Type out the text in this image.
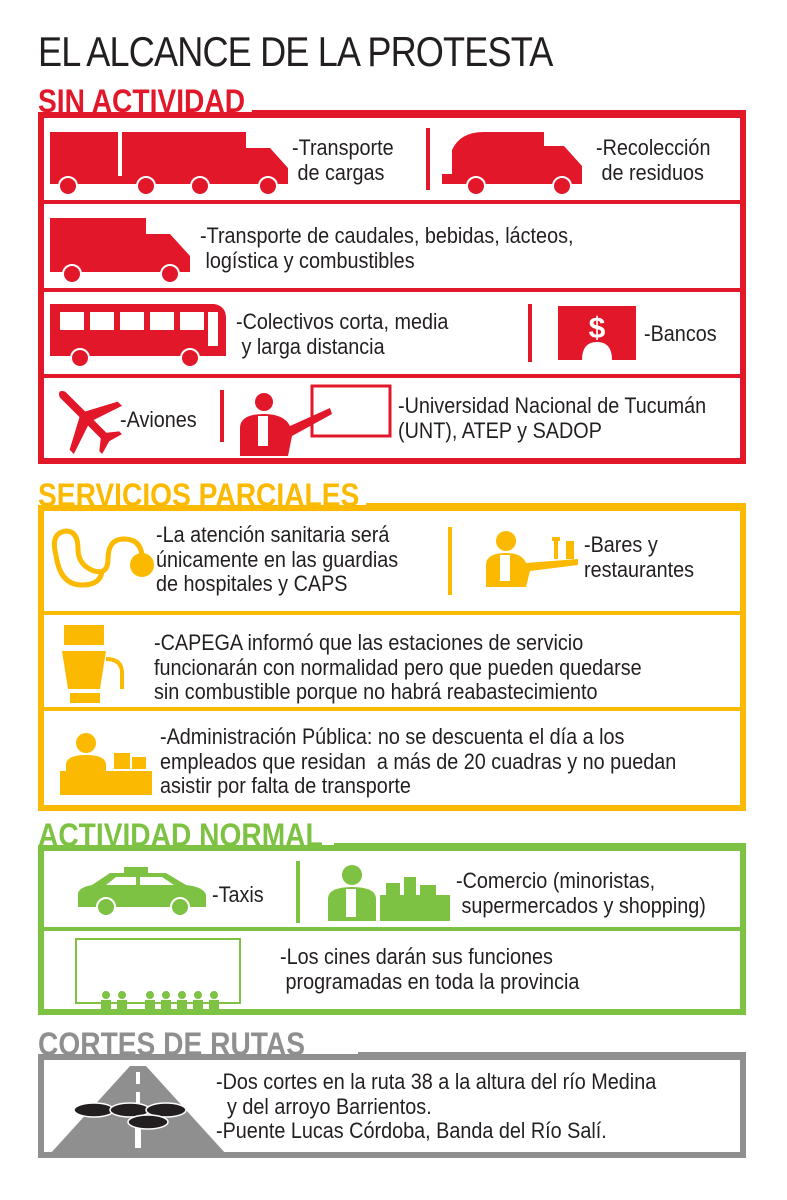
EL ALCANCE DE LA PROTESTA
SIN ACTIVIDAD
-Transporte
de cargas
-Recolección
de residuos
-Transporte de caudales, bebidas, lácteos,
logística y combustibles
-Colectivos corta, media
y larga distancia
$ -Bancos
-Aviones
-Universidad Nacional de Tucumán
(UNT), ATEP y SADOP
SERVICIOS PARCIALES
-La atención sanitaria será
únicamente en las guardias
de hospitales y CAPS
-Bares y
restaurantes
-CAPEGA informó que las estaciones de servicio
funcionarán con normalidad pero que pueden quedarse
sin combustible porque no habrá reabastecimiento
-Administración Pública: no se descuenta el día a los
empleados que residan  a más de 20 cuadras y no puedan
asistir por falta de transporte
ACTIVIDAD NORMAL
-Taxis
-Comercio (minoristas,
supermercados y shopping)
-Los cines darán sus funciones
programadas en toda la provincia
CORTES DE RUTAS
-Dos cortes en la ruta 38 a la altura del río Medina
y del arroyo Barrientos.
-Puente Lucas Córdoba, Banda del Río Salí.
